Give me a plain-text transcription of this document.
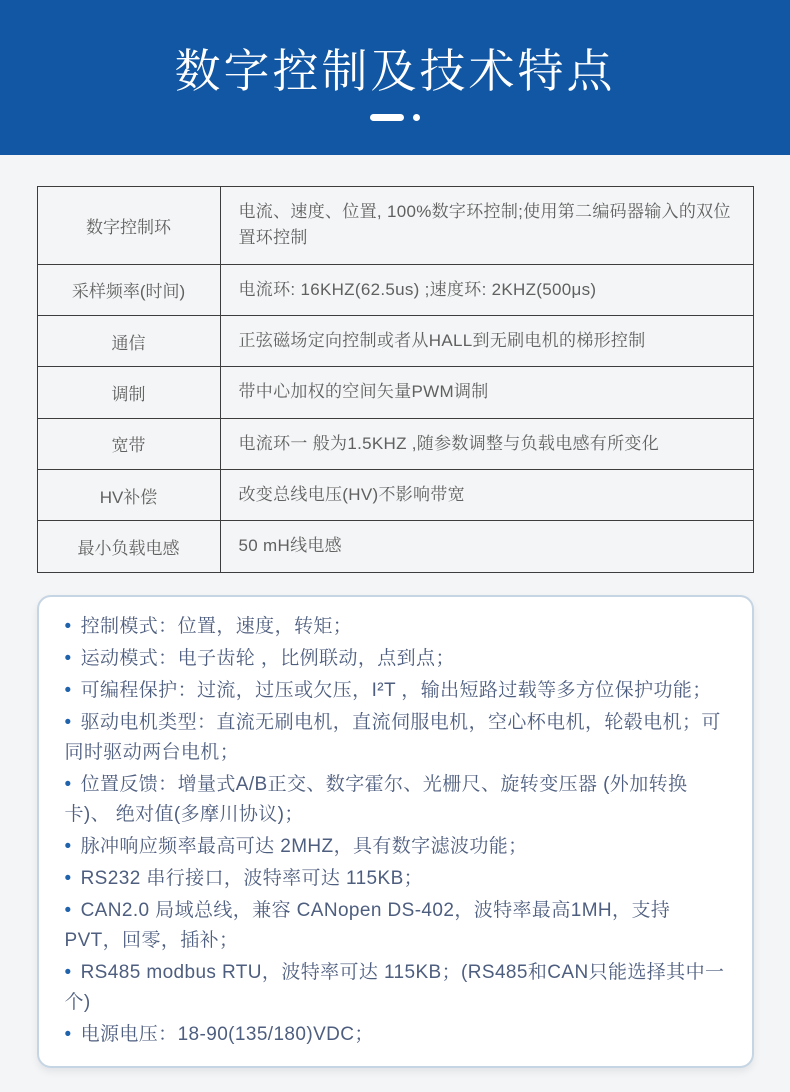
数字控制及技术特点
数字控制环	电流、速度、位置, 100%数字环控制;使用第二编码器输入的双位置环控制
采样频率(时间)	电流环: 16KHZ(62.5us) ;速度环: 2KHZ(500μs)
通信	正弦磁场定向控制或者从HALL到无刷电机的梯形控制
调制	带中心加权的空间矢量PWM调制
宽带	电流环一 般为1.5KHZ ,随参数调整与负载电感有所变化
HV补偿	改变总线电压(HV)不影响带宽
最小负载电感	50 mH线电感

• 控制模式：位置，速度，转矩；

• 运动模式：电子齿轮 ，比例联动，点到点；

• 可编程保护：过流，过压或欠压，I²T ，输出短路过载等多方位保护功能；

• 驱动电机类型：直流无刷电机，直流伺服电机，空心杯电机，轮毂电机；可同时驱动两台电机；

• 位置反馈：增量式A/B正交、数字霍尔、光栅尺、旋转变压器 (外加转换卡)、 绝对值(多摩川协议)；

• 脉冲响应频率最高可达 2MHZ，具有数字滤波功能；

• RS232 串行接口，波特率可达 115KB；

• CAN2.0 局域总线，兼容 CANopen DS-402，波特率最高1MH，支持PVT，回零，插补；

• RS485 modbus RTU，波特率可达 115KB；(RS485和CAN只能选择其中一个)

• 电源电压：18-90(135/180)VDC；
